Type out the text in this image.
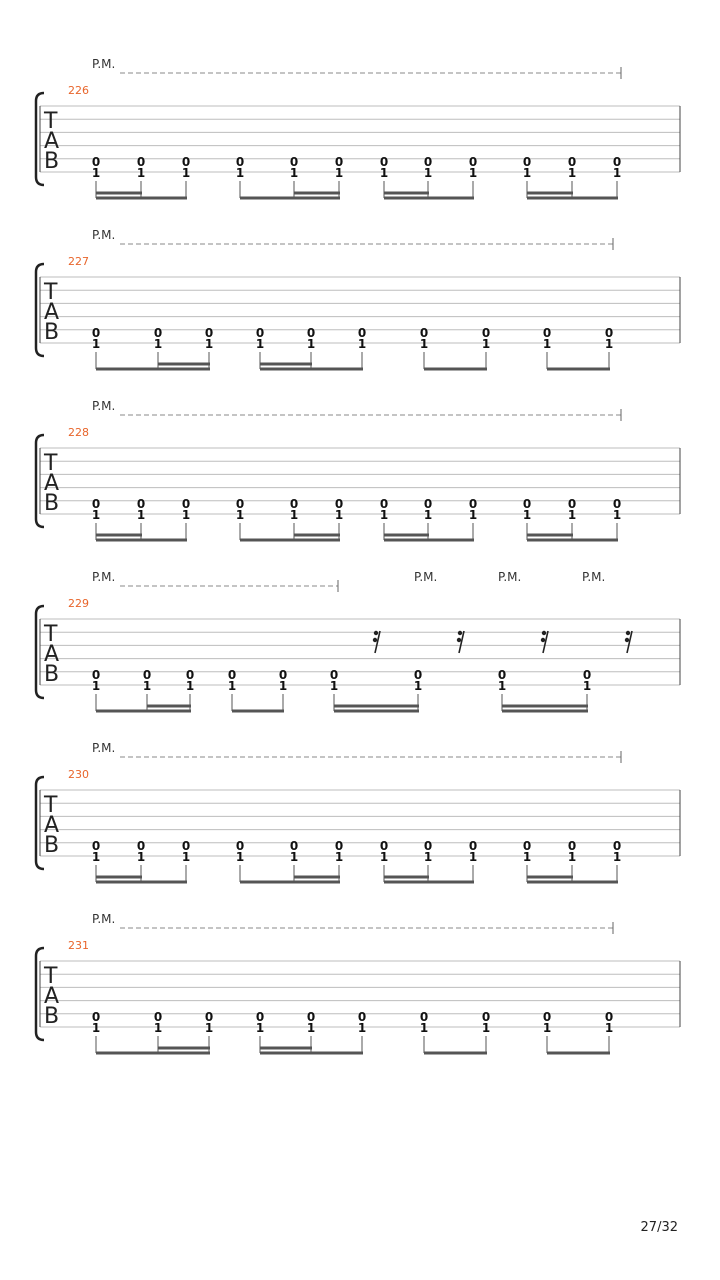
P.M.
226
T
A
B	0
1
0
1
0
1
0
1
0
1
0
1
0
1
0
1
0
1
0
1
0
1
0
1
P.M.
227
T
A
B	0
1
0
1
0
1
0
1
0
1
0
1
0
1
0
1
0
1
0
1
P.M.
228
T
A
B	0
1
0
1
0
1
0
1
0
1
0
1
0
1
0
1
0
1
0
1
0
1
0
1
P.M.	P.M.	P.M.	P.M.
229
T
A
B	0
1
0
1
0
1
0
1
0
1
0
1
0
1
0
1
0
1
P.M.
230
T
A
B	0
1
0
1
0
1
0
1
0
1
0
1
0
1
0
1
0
1
0
1
0
1
0
1
P.M.
231
T
A
B	0
1
0
1
0
1
0
1
0
1
0
1
0
1
0
1
0
1
0
1
27/32
